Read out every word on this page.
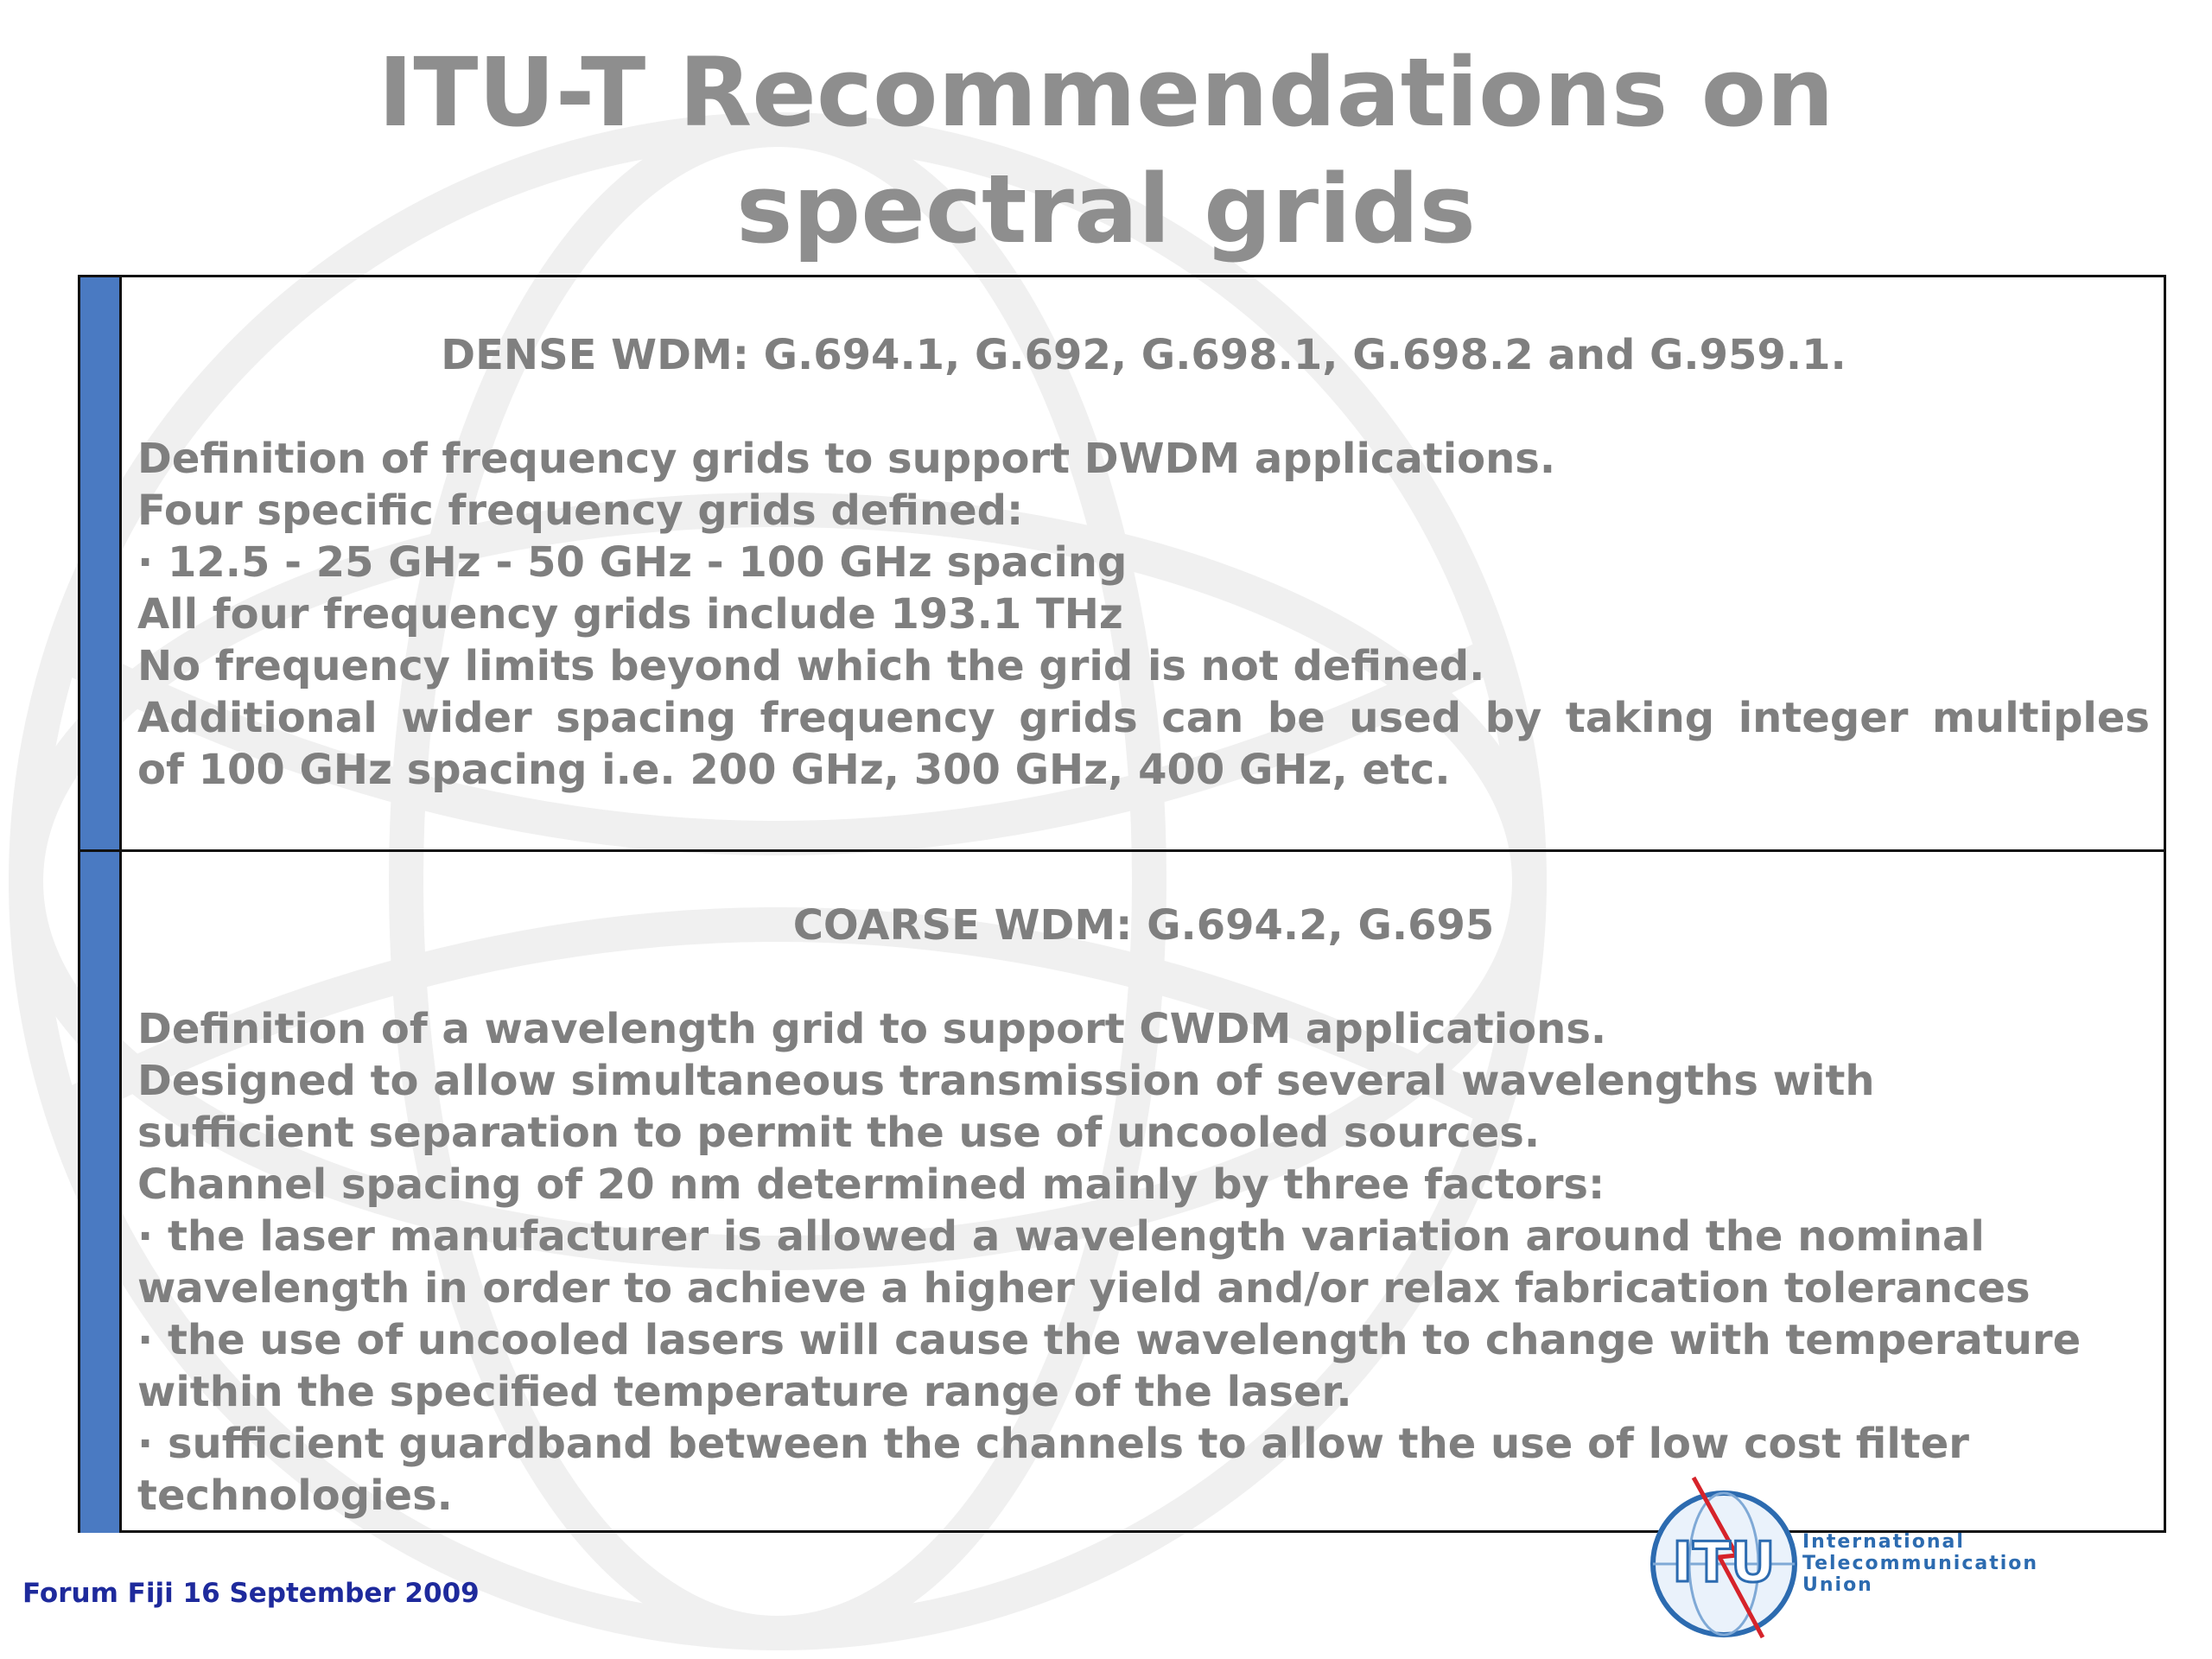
ITU-T Recommendations on
spectral grids
DENSE WDM: G.694.1, G.692, G.698.1, G.698.2 and G.959.1.
Definition of frequency grids to support DWDM applications.
Four specific frequency grids defined:
· 12.5 - 25 GHz - 50 GHz - 100 GHz spacing
All four frequency grids include 193.1 THz
No frequency limits beyond which the grid is not defined.
Additional wider spacing frequency grids can be used by taking integer multiples
of 100 GHz spacing i.e. 200 GHz, 300 GHz, 400 GHz, etc.
COARSE WDM: G.694.2, G.695
Definition of a wavelength grid to support CWDM applications.
Designed to allow simultaneous transmission of several wavelengths with
sufficient separation to permit the use of uncooled sources.
Channel spacing of 20 nm determined mainly by three factors:
· the laser manufacturer is allowed a wavelength variation around the nominal
wavelength in order to achieve a higher yield and/or relax fabrication tolerances
· the use of uncooled lasers will cause the wavelength to change with temperature
within the specified temperature range of the laser.
· sufficient guardband between the channels to allow the use of low cost filter
technologies.
Forum Fiji 16 September 2009	ITU International
Telecommunication
Union
